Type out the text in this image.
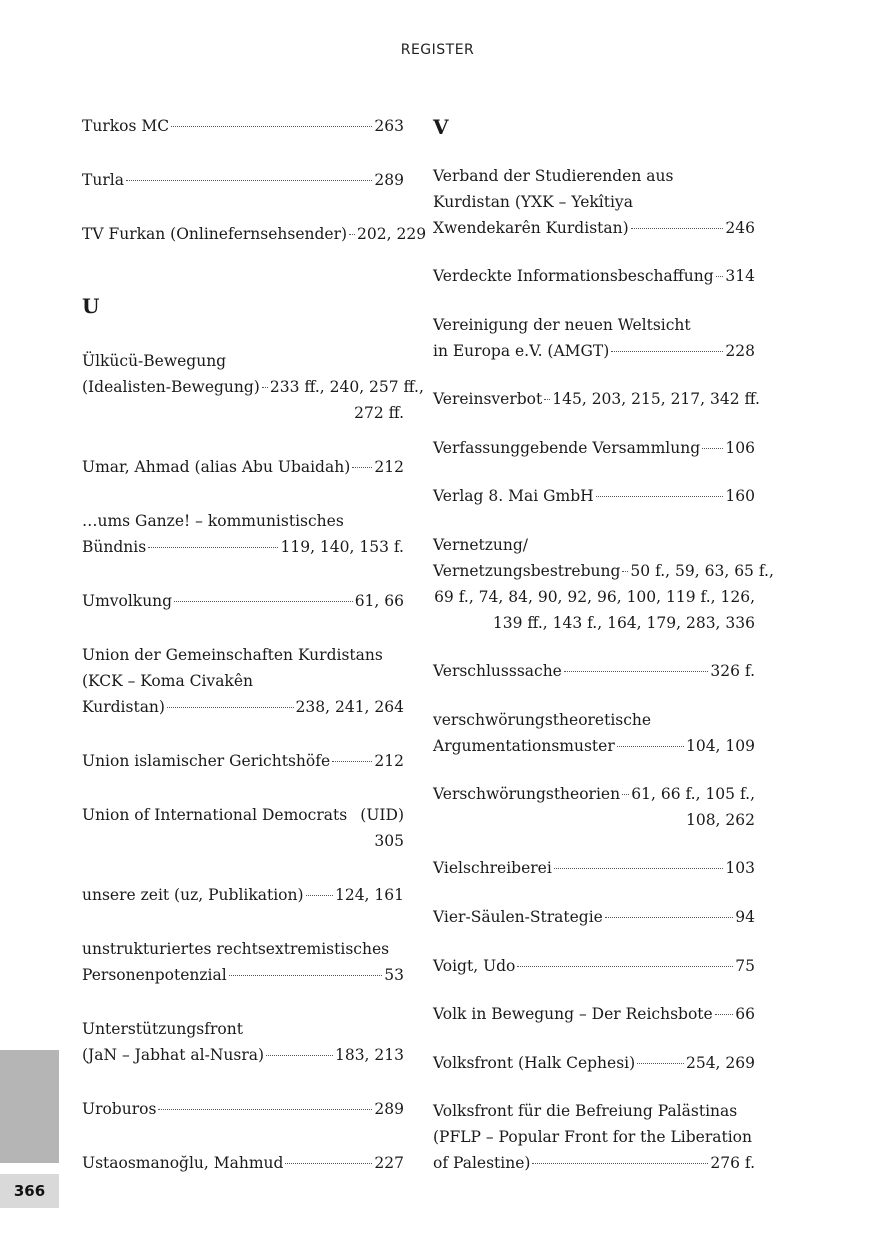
REGISTER
Turkos MC	263
Turla	289
TV Furkan (Onlinefernsehsender) 202, 229
U
Ülkücü-Bewegung
(Idealisten-Bewegung) 233 ff., 240, 257 ff.,
272 ff.
Umar, Ahmad (alias Abu Ubaidah) 212
…ums Ganze! – kommunistisches
Bündnis	119, 140, 153 f.
Umvolkung	61, 66
Union der Gemeinschaften Kurdistans
(KCK – Koma Civakên
Kurdistan)	238, 241, 264
Union islamischer Gerichtshöfe	212
Union of International Democrats (UID)
305
unsere zeit (uz, Publikation) 124, 161
unstrukturiertes rechtsextremistisches
Personenpotenzial	53
Unterstützungsfront
(JaN – Jabhat al-Nusra)	183, 213
Uroburos	289
Ustaosmanoğlu, Mahmud	227
V
Verband der Studierenden aus
Kurdistan (YXK – Yekîtiya
Xwendekarên Kurdistan)	246
Verdeckte Informationsbeschaffung 314
Vereinigung der neuen Weltsicht
in Europa e.V. (AMGT)	228
Vereinsverbot 145, 203, 215, 217, 342 ff.
Verfassunggebende Versammlung 106
Verlag 8. Mai GmbH	160
Vernetzung/
Vernetzungsbestrebung 50 f., 59, 63, 65 f.,
69 f., 74, 84, 90, 92, 96, 100, 119 f., 126,
139 ff., 143 f., 164, 179, 283, 336
Verschlusssache	326 f.
verschwörungstheoretische
Argumentationsmuster	104, 109
Verschwörungstheorien 61, 66 f., 105 f.,
108, 262
Vielschreiberei	103
Vier-Säulen-Strategie	94
Voigt, Udo	75
Volk in Bewegung – Der Reichsbote 66
Volksfront (Halk Cephesi)	254, 269
Volksfront für die Befreiung Palästinas
(PFLP – Popular Front for the Liberation
of Palestine)	276 f.
366
